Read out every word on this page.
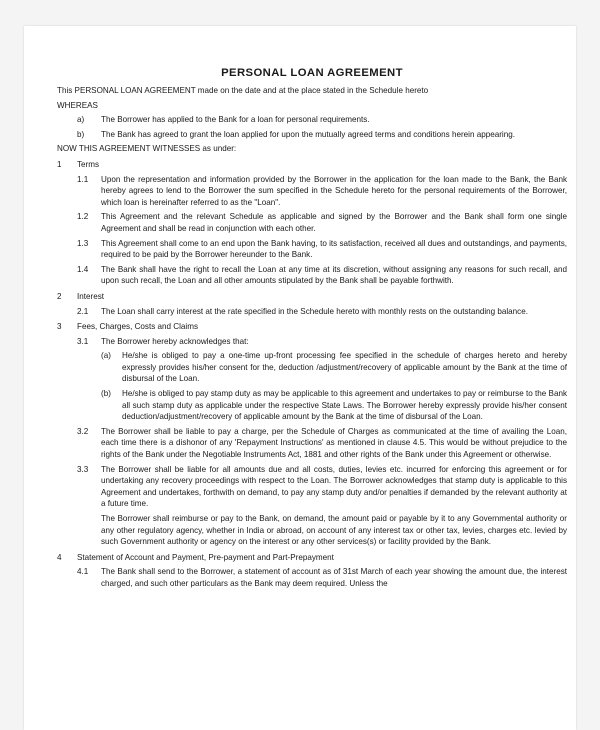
PERSONAL LOAN AGREEMENT

This PERSONAL LOAN AGREEMENT made on the date and at the place stated in the Schedule hereto

WHEREAS

a)	The Borrower has applied to the Bank for a loan for personal requirements.
b)	The Bank has agreed to grant the loan applied for upon the mutually agreed terms and conditions herein appearing.

NOW THIS AGREEMENT WITNESSES as under:

1	Terms
1.1	Upon the representation and information provided by the Borrower in the application for the loan made to the Bank, the Bank hereby agrees to lend to the Borrower the sum specified in the Schedule hereto for the personal requirements of the Borrower, which loan is hereinafter referred to as the "Loan".
1.2	This Agreement and the relevant Schedule as applicable and signed by the Borrower and the Bank shall form one single Agreement and shall be read in conjunction with each other.
1.3	This Agreement shall come to an end upon the Bank having, to its satisfaction, received all dues and outstandings, and payments, required to be paid by the Borrower hereunder to the Bank.
1.4	The Bank shall have the right to recall the Loan at any time at its discretion, without assigning any reasons for such recall, and upon such recall, the Loan and all other amounts stipulated by the Bank shall be payable forthwith.
2	Interest
2.1	The Loan shall carry interest at the rate specified in the Schedule hereto with monthly rests on the outstanding balance.
3	Fees, Charges, Costs and Claims
3.1	The Borrower hereby acknowledges that:
(a)	He/she is obliged to pay a one-time up-front processing fee specified in the schedule of charges hereto and hereby expressly provides his/her consent for the, deduction /adjustment/recovery of applicable amount by the Bank at the time of disbursal of the Loan.
(b)	He/she is obliged to pay stamp duty as may be applicable to this agreement and undertakes to pay or reimburse to the Bank all such stamp duty as applicable under the respective State Laws. The Borrower hereby expressly provide his/her consent deduction/adjustment/recovery of applicable amount by the Bank at the time of disbursal of the Loan.
3.2	The Borrower shall be liable to pay a charge, per the Schedule of Charges as communicated at the time of availing the Loan, each time there is a dishonor of any 'Repayment Instructions' as mentioned in clause 4.5. This would be without prejudice to the rights of the Bank under the Negotiable Instruments Act, 1881 and other rights of the Bank under this Agreement or otherwise.
3.3	The Borrower shall be liable for all amounts due and all costs, duties, levies etc. incurred for enforcing this agreement or for undertaking any recovery proceedings with respect to the Loan. The Borrower acknowledges that stamp duty is applicable to this Agreement and undertakes, forthwith on demand, to pay any stamp duty and/or penalties if demanded by the relevant authority at a future time.

The Borrower shall reimburse or pay to the Bank, on demand, the amount paid or payable by it to any Governmental authority or any other regulatory agency, whether in India or abroad, on account of any interest tax or other tax, levies, charges etc. levied by such Government authority or agency on the interest or any other services(s) or facility provided by the Bank.

4	Statement of Account and Payment, Pre-payment and Part-Prepayment
4.1	The Bank shall send to the Borrower, a statement of account as of 31st March of each year showing the amount due, the interest charged, and such other particulars as the Bank may deem required. Unless the
